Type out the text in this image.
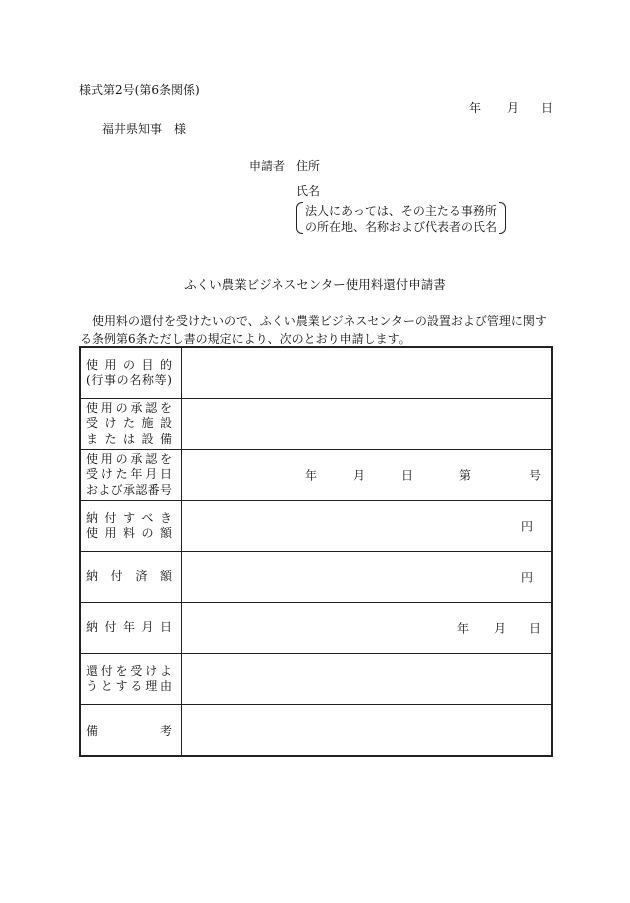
様式第2号(第6条関係)
年 月 日
福井県知事　様
申請者 住所
氏名
法人にあっては、その主たる事務所
の所在地、名称および代表者の氏名
ふくい農業ビジネスセンター使用料還付申請書
使用料の還付を受けたいので、ふくい農業ビジネスセンターの設置および管理に関する条例第6条ただし書の規定により、次のとおり申請します。
使用の目的
(行事の名称等)	

使用の承認を
受けた施設
または設備	

使用の承認を
受けた年月日
および承認番号	年 月 日 第 号

納付すべき
使用料の額	円

納付済額	円

納付年月日	年 月 日

還付を受けよ
うとする理由	

備 考	
